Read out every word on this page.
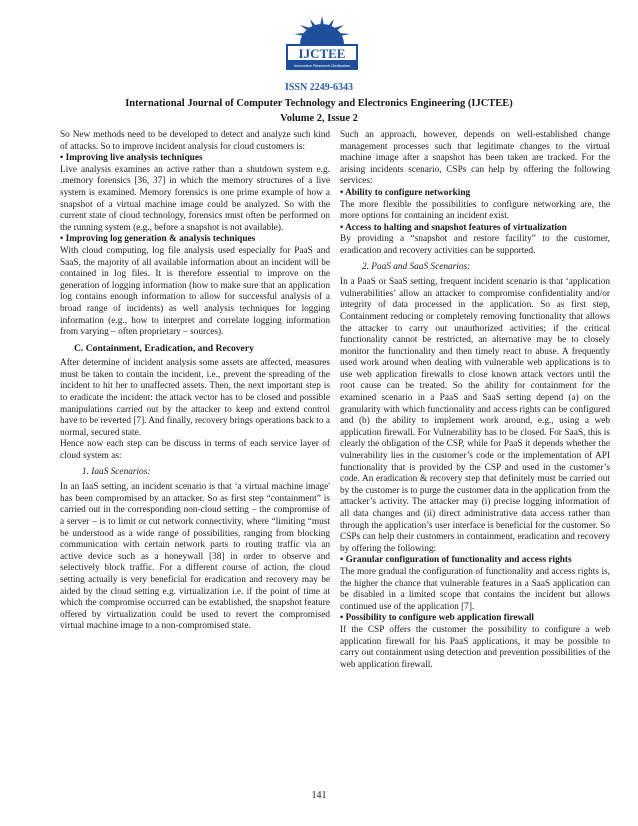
IJCTEE
Innovative Research Dedication
ISSN 2249-6343
International Journal of Computer Technology and Electronics Engineering (IJCTEE)
Volume 2, Issue 2

So New methods need to be developed to detect and analyze such kind of attacks. So to improve incident analysis for cloud customers is:

• Improving live analysis techniques

Live analysis examines an active rather than a shutdown system e.g. .memory forensics [36, 37] in which the memory structures of a live system is examined. Memory forensics is one prime example of how a snapshot of a virtual machine image could be analyzed. So with the current state of cloud technology, forensics must often be performed on the running system (e.g., before a snapshot is not available).

• Improving log generation & analysis techniques

With cloud computing, log file analysis used especially for PaaS and SaaS, the majority of all available information about an incident will be contained in log files. It is therefore essential to improve on the generation of logging information (how to make sure that an application log contains enough information to allow for successful analysis of a broad range of incidents) as well analysis techniques for logging information (e.g., how to interpret and correlate logging information from varying – often proprietary – sources).

C. Containment, Eradication, and Recovery

After determine of incident analysis some assets are affected, measures must be taken to contain the incident, i.e., prevent the spreading of the incident to hit her to unaffected assets. Then, the next important step is to eradicate the incident: the attack vector has to be closed and possible manipulations carried out by the attacker to keep and extend control have to be reverted [7]. And finally, recovery brings operations back to a normal, secured state.

Hence now each step can be discuss in terms of each service layer of cloud system as:

1. IaaS Scenarios:

In an IaaS setting, an incident scenario is that ‘a virtual machine image' has been compromised by an attacker. So as first step “containment” is carried out in the corresponding non-cloud setting – the compromise of a server – is to limit or cut network connectivity, where “limiting “must be understood as a wide range of possibilities, ranging from blocking communication with certain network parts to routing traffic via an active device such as a honeywall [38] in order to observe and selectively block traffic. For a different course of action, the cloud setting actually is very beneficial for eradication and recovery may be aided by the cloud setting e.g. virtualization i.e. if the point of time at which the compromise occurred can be established, the snapshot feature offered by virtualization could be used to revert the compromised virtual machine image to a non-compromised state.

Such an approach, however, depends on well-established change management processes such that legitimate changes to the virtual machine image after a snapshot has been taken are tracked. For the arising incidents scenario, CSPs can help by offering the following services:

• Ability to configure networking

The more flexible the possibilities to configure networking are, the more options for containing an incident exist.

• Access to halting and snapshot features of virtualization

By providing a “snapshot and restore facility” to the customer, eradication and recovery activities can be supported.

2. PaaS and SaaS Scenarios:

In a PaaS or SaaS setting, frequent incident scenario is that ‘application vulnerabilities’ allow an attacker to compromise confidentiality and/or integrity of data processed in the application. So as first step, Containment reducing or completely removing functionality that allows the attacker to carry out unauthorized activities; if the critical functionality cannot be restricted, an alternative may be to closely monitor the functionality and then timely react to abuse. A frequently used work around when dealing with vulnerable web applications is to use web application firewalls to close known attack vectors until the root cause can be treated. So the ability for containment for the examined scenario in a PaaS and SaaS setting depend (a) on the granularity with which functionality and access rights can be configured and (b) the ability to implement work around, e.g., using a web application firewall. For Vulnerability has to be closed. For SaaS, this is clearly the obligation of the CSP, while for PaaS it depends whether the vulnerability lies in the customer’s code or the implementation of API functionality that is provided by the CSP and used in the customer’s code. An eradication & recovery step that definitely must be carried out by the customer is to purge the customer data in the application from the attacker’s activity. The attacker may (i) precise logging information of all data changes and (ii) direct administrative data access rather than through the application’s user interface is beneficial for the customer. So CSPs can help their customers in containment, eradication and recovery by offering the following:

• Granular configuration of functionality and access rights

The more gradual the configuration of functionality and access rights is, the higher the chance that vulnerable features in a SaaS application can be disabled in a limited scope that contains the incident but allows continued use of the application [7].

• Possibility to configure web application firewall

If the CSP offers the customer the possibility to configure a web application firewall for his PaaS applications, it may be possible to carry out containment using detection and prevention possibilities of the web application firewall.

141
